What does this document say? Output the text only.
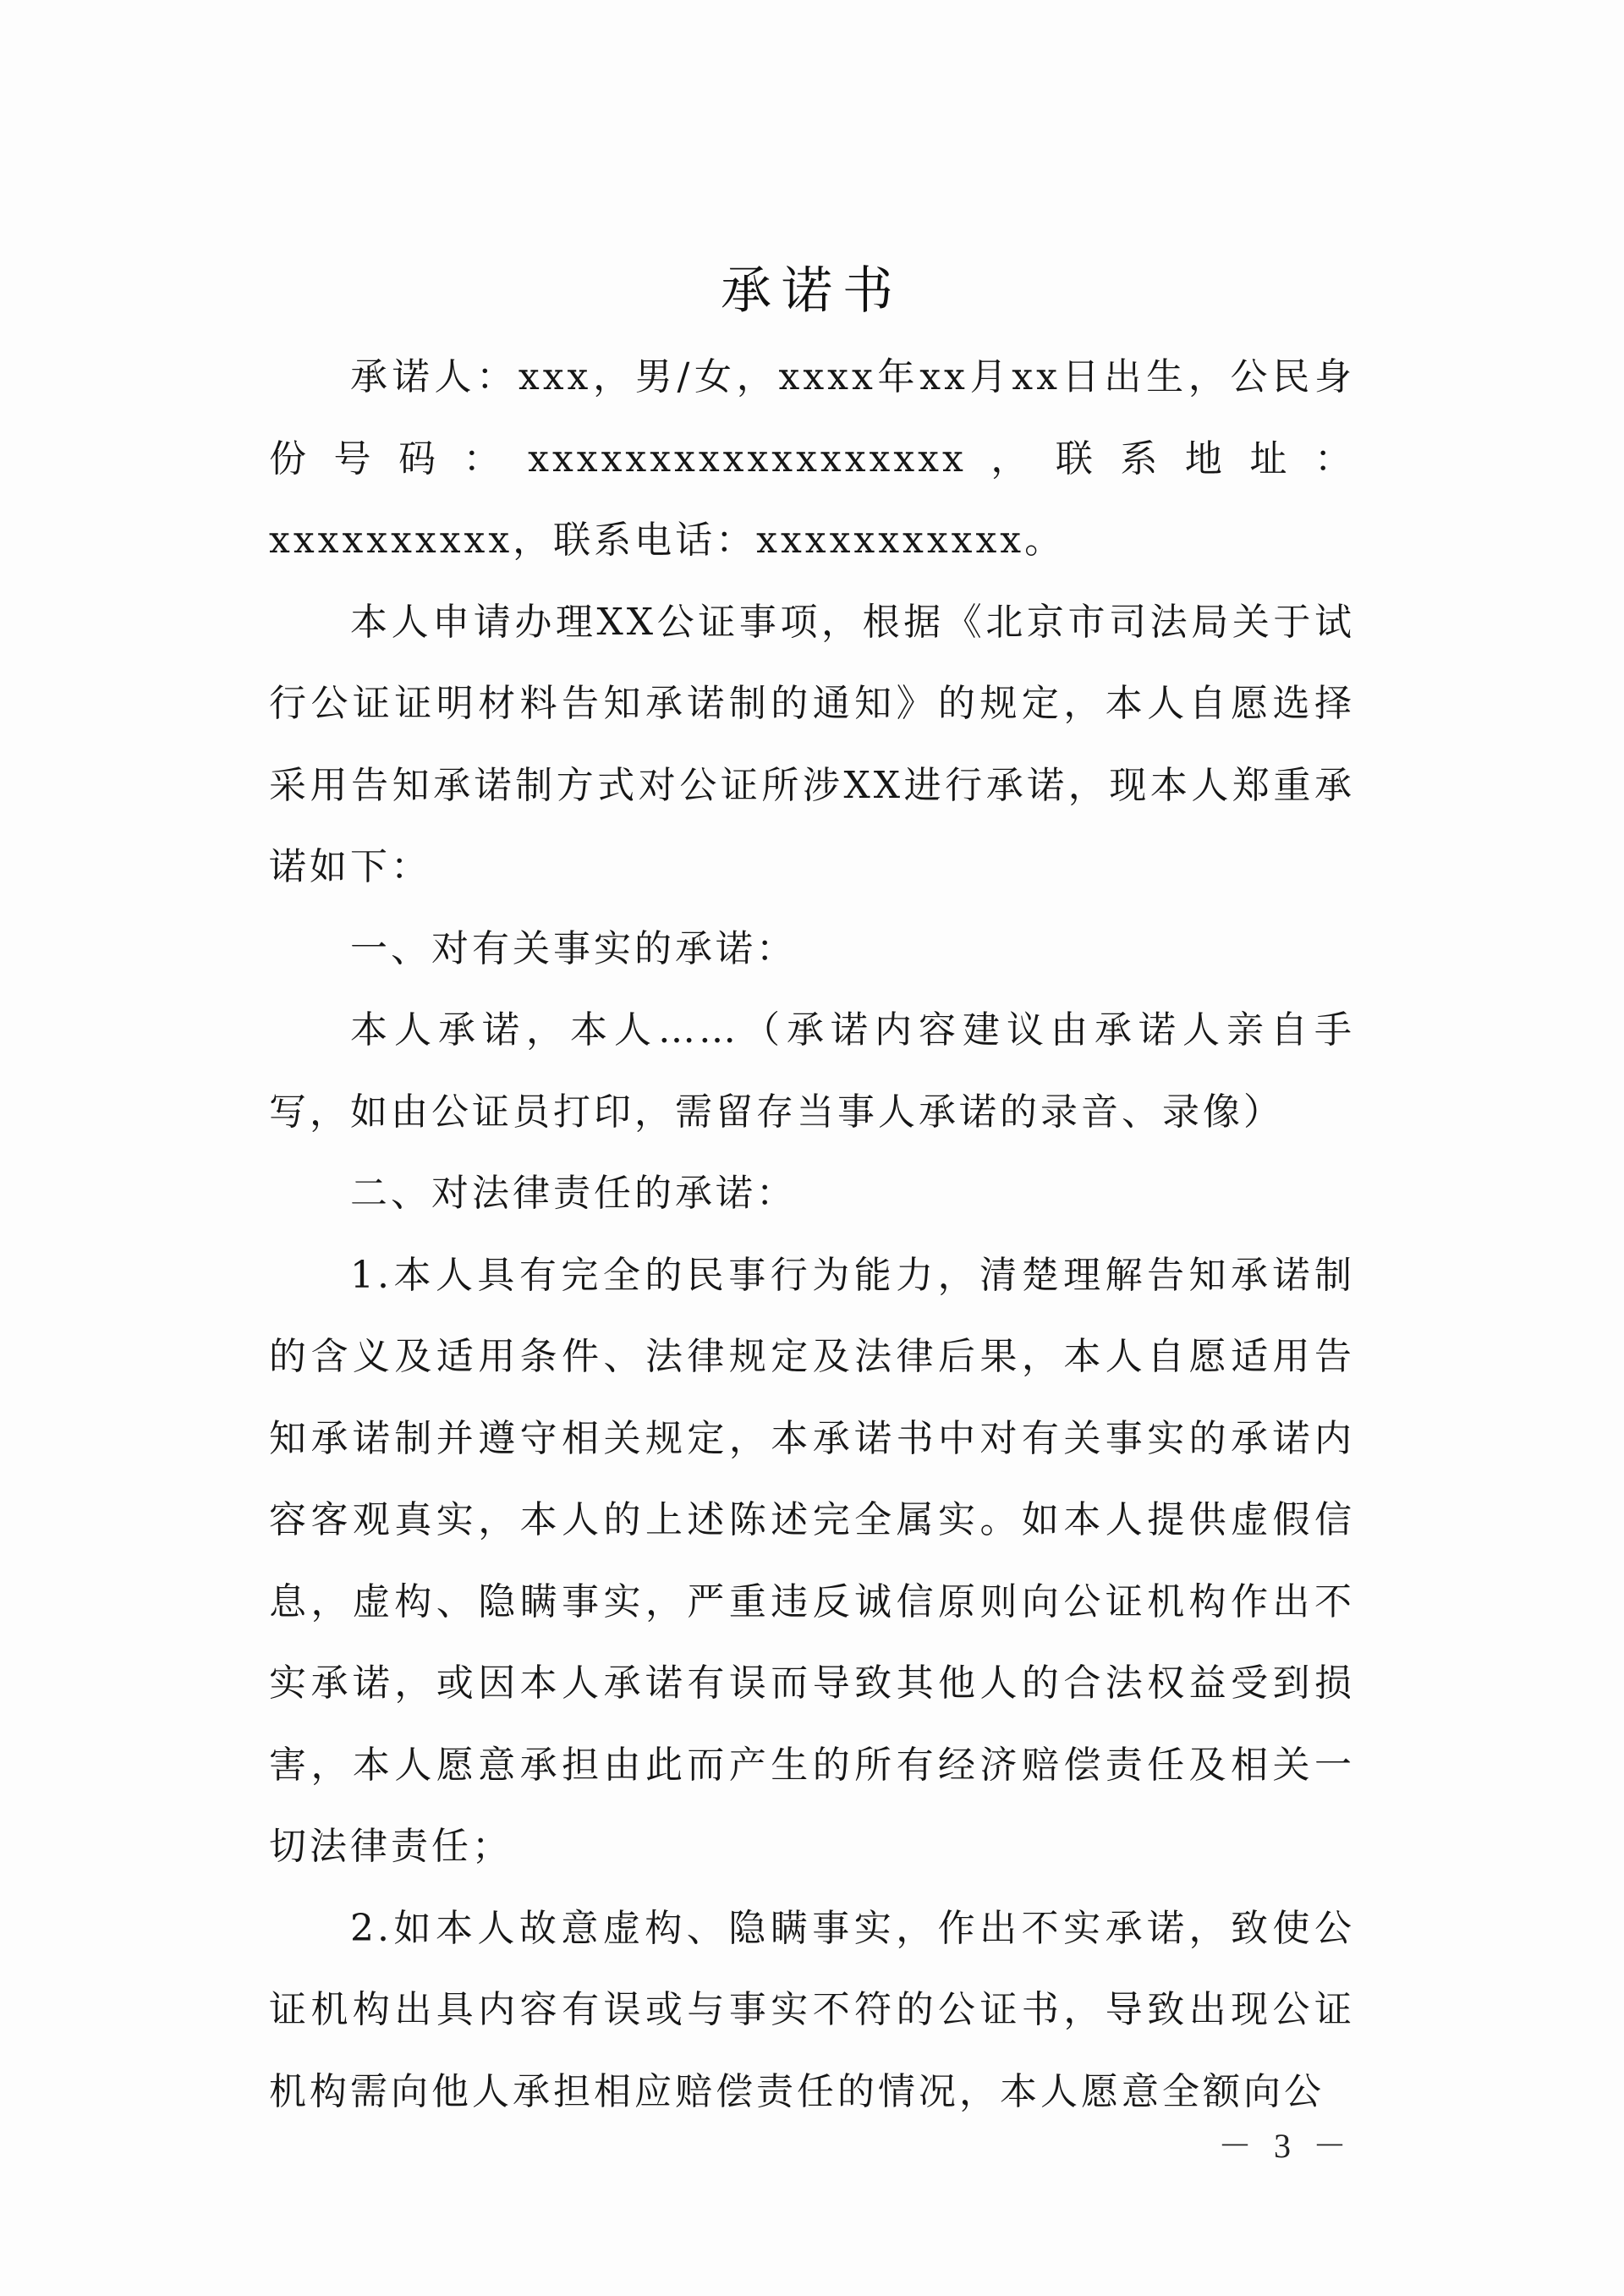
承诺书

承诺人：xxx，男/女，xxxx年xx月xx日出生，公民身份号码：xxxxxxxxxxxxxxxxxx，联系地址：xxxxxxxxxx，联系电话：xxxxxxxxxxx。

本人申请办理XX公证事项，根据《北京市司法局关于试行公证证明材料告知承诺制的通知》的规定，本人自愿选择采用告知承诺制方式对公证所涉XX进行承诺，现本人郑重承诺如下：

一、对有关事实的承诺：

本人承诺，本人……（承诺内容建议由承诺人亲自手写，如由公证员打印，需留存当事人承诺的录音、录像）

二、对法律责任的承诺：

1.本人具有完全的民事行为能力，清楚理解告知承诺制的含义及适用条件、法律规定及法律后果，本人自愿适用告知承诺制并遵守相关规定，本承诺书中对有关事实的承诺内容客观真实，本人的上述陈述完全属实。如本人提供虚假信息，虚构、隐瞒事实，严重违反诚信原则向公证机构作出不实承诺，或因本人承诺有误而导致其他人的合法权益受到损害，本人愿意承担由此而产生的所有经济赔偿责任及相关一切法律责任；

2.如本人故意虚构、隐瞒事实，作出不实承诺，致使公证机构出具内容有误或与事实不符的公证书，导致出现公证机构需向他人承担相应赔偿责任的情况，本人愿意全额向公

－ 3 －
